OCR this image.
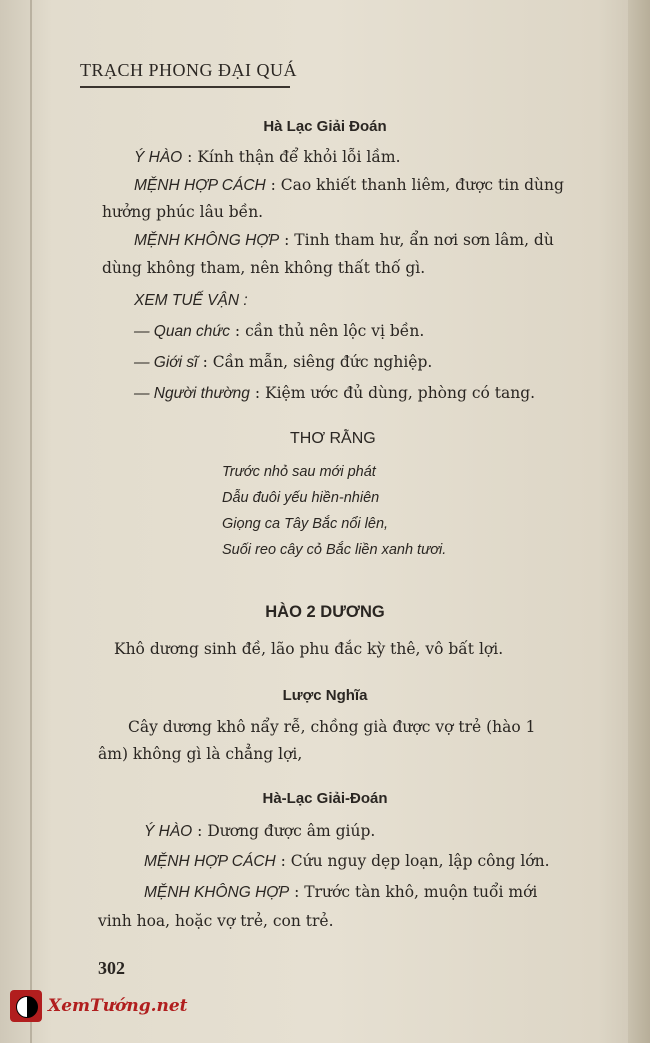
TRẠCH PHONG ĐẠI QUÁ
Hà Lạc Giải Đoán
Ý HÀO : Kính thận để khỏi lỗi lầm.
MỆNH HỢP CÁCH : Cao khiết thanh liêm, được tin dùng
hưởng phúc lâu bền.
MỆNH KHÔNG HỢP : Tinh tham hư, ẩn nơi sơn lâm, dù
dùng không tham, nên không thất thố gì.
XEM TUẾ VẬN :
— Quan chức : cần thủ nên lộc vị bền.
— Giới sĩ : Cần mẫn, siêng đức nghiệp.
— Người thường : Kiệm ước đủ dùng, phòng có tang.
THƠ RẰNG
Trước nhỏ sau mới phát
Dẫu đuôi yếu hiền-nhiên
Giọng ca Tây Bắc nổi lên,
Suối reo cây cỏ Bắc liền xanh tươi.
HÀO 2 DƯƠNG
Khô dương sinh đề, lão phu đắc kỳ thê, vô bất lợi.
Lược Nghĩa
Cây dương khô nẩy rễ, chồng già được vợ trẻ (hào 1
âm) không gì là chẳng lợi,
Hà-Lạc Giải-Đoán
Ý HÀO : Dương được âm giúp.
MỆNH HỢP CÁCH : Cứu nguy dẹp loạn, lập công lớn.
MỆNH KHÔNG HỢP : Trước tàn khô, muộn tuổi mới
vinh hoa, hoặc vợ trẻ, con trẻ.
302
XemTướng.net
